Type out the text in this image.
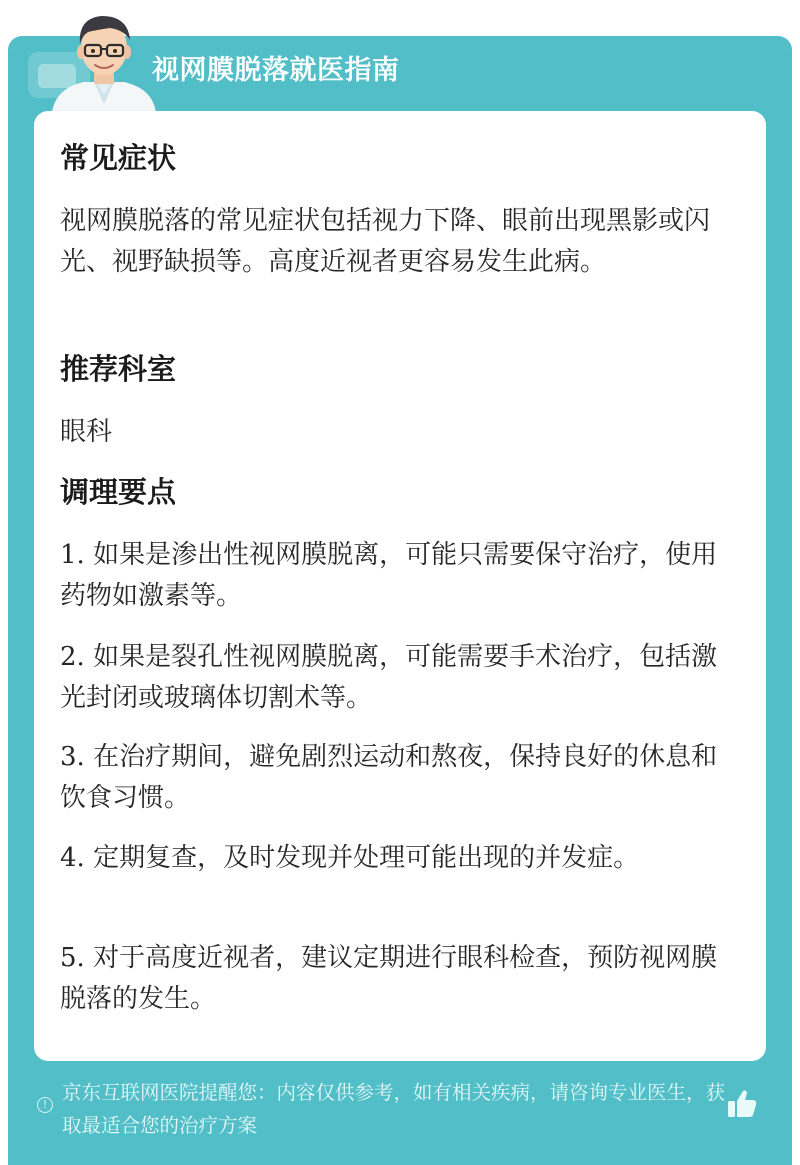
视网膜脱落就医指南
常见症状

视网膜脱落的常见症状包括视力下降、眼前出现黑影或闪光、视野缺损等。高度近视者更容易发生此病。

推荐科室

眼科

调理要点

1. 如果是渗出性视网膜脱离，可能只需要保守治疗，使用药物如激素等。

2. 如果是裂孔性视网膜脱离，可能需要手术治疗，包括激光封闭或玻璃体切割术等。

3. 在治疗期间，避免剧烈运动和熬夜，保持良好的休息和饮食习惯。

4. 定期复查，及时发现并处理可能出现的并发症。

5. 对于高度近视者，建议定期进行眼科检查，预防视网膜脱落的发生。

!
京东互联网医院提醒您：内容仅供参考，如有相关疾病，请咨询专业医生，获取最适合您的治疗方案
